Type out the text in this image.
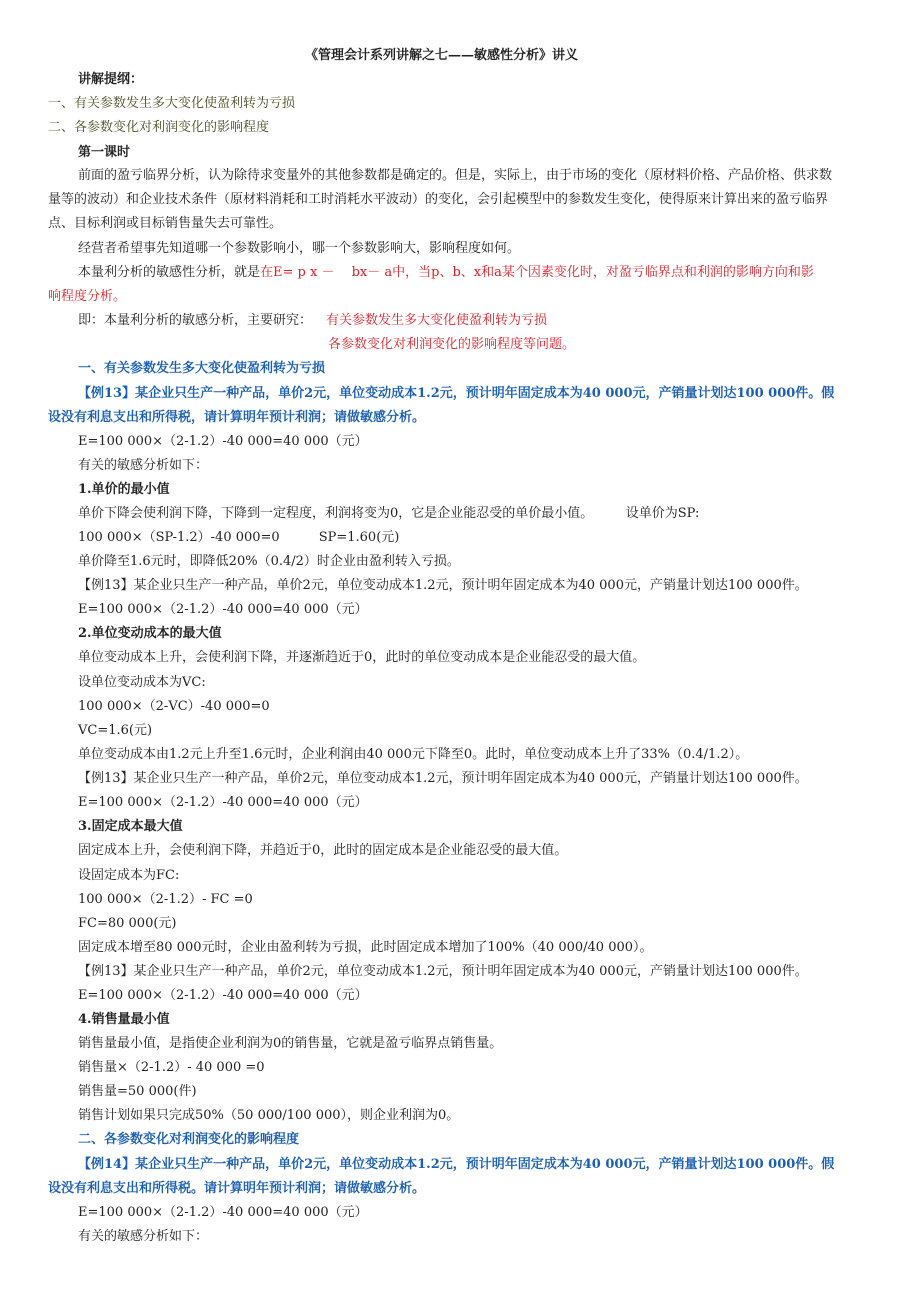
《管理会计系列讲解之七——敏感性分析》讲义
讲解提纲：
一、有关参数发生多大变化使盈利转为亏损
二、各参数变化对利润变化的影响程度
第一课时
前面的盈亏临界分析，认为除待求变量外的其他参数都是确定的。但是，实际上，由于市场的变化（原材料价格、产品价格、供求数
量等的波动）和企业技术条件（原材料消耗和工时消耗水平波动）的变化，会引起模型中的参数发生变化，使得原来计算出来的盈亏临界
点、目标利润或目标销售量失去可靠性。
经营者希望事先知道哪一个参数影响小，哪一个参数影响大，影响程度如何。
本量利分析的敏感性分析，就是在E= p x －　 bx－ a中，当p、b、x和a某个因素变化时，对盈亏临界点和利润的影响方向和影
响程度分析。
即：本量利分析的敏感分析，主要研究： 有关参数发生多大变化使盈利转为亏损
各参数变化对利润变化的影响程度等问题。
一、有关参数发生多大变化使盈利转为亏损
【例13】某企业只生产一种产品，单价2元，单位变动成本1.2元，预计明年固定成本为40 000元，产销量计划达100 000件。假
设没有利息支出和所得税，请计算明年预计利润；请做敏感分析。
E=100 000×（2-1.2）-40 000=40 000（元）
有关的敏感分析如下：
1.单价的最小值
单价下降会使利润下降，下降到一定程度，利润将变为0，它是企业能忍受的单价最小值。　　　设单价为SP:
100 000×（SP-1.2）-40 000=0　　　SP=1.60(元)
单价降至1.6元时，即降低20%（0.4/2）时企业由盈利转入亏损。
【例13】某企业只生产一种产品，单价2元，单位变动成本1.2元，预计明年固定成本为40 000元，产销量计划达100 000件。
E=100 000×（2-1.2）-40 000=40 000（元）
2.单位变动成本的最大值
单位变动成本上升，会使利润下降，并逐渐趋近于0，此时的单位变动成本是企业能忍受的最大值。
设单位变动成本为VC:
100 000×（2-VC）-40 000=0
VC=1.6(元)
单位变动成本由1.2元上升至1.6元时，企业利润由40 000元下降至0。此时，单位变动成本上升了33%（0.4/1.2）。
【例13】某企业只生产一种产品，单价2元，单位变动成本1.2元，预计明年固定成本为40 000元，产销量计划达100 000件。
E=100 000×（2-1.2）-40 000=40 000（元）
3.固定成本最大值
固定成本上升，会使利润下降，并趋近于0，此时的固定成本是企业能忍受的最大值。
设固定成本为FC:
100 000×（2-1.2）- FC =0
FC=80 000(元)
固定成本增至80 000元时，企业由盈利转为亏损，此时固定成本增加了100%（40 000/40 000）。
【例13】某企业只生产一种产品，单价2元，单位变动成本1.2元，预计明年固定成本为40 000元，产销量计划达100 000件。
E=100 000×（2-1.2）-40 000=40 000（元）
4.销售量最小值
销售量最小值，是指使企业利润为0的销售量，它就是盈亏临界点销售量。
销售量×（2-1.2）- 40 000 =0
销售量=50 000(件)
销售计划如果只完成50%（50 000/100 000），则企业利润为0。
二、各参数变化对利润变化的影响程度
【例14】某企业只生产一种产品，单价2元，单位变动成本1.2元，预计明年固定成本为40 000元，产销量计划达100 000件。假
设没有利息支出和所得税。请计算明年预计利润；请做敏感分析。
E=100 000×（2-1.2）-40 000=40 000（元）
有关的敏感分析如下：
